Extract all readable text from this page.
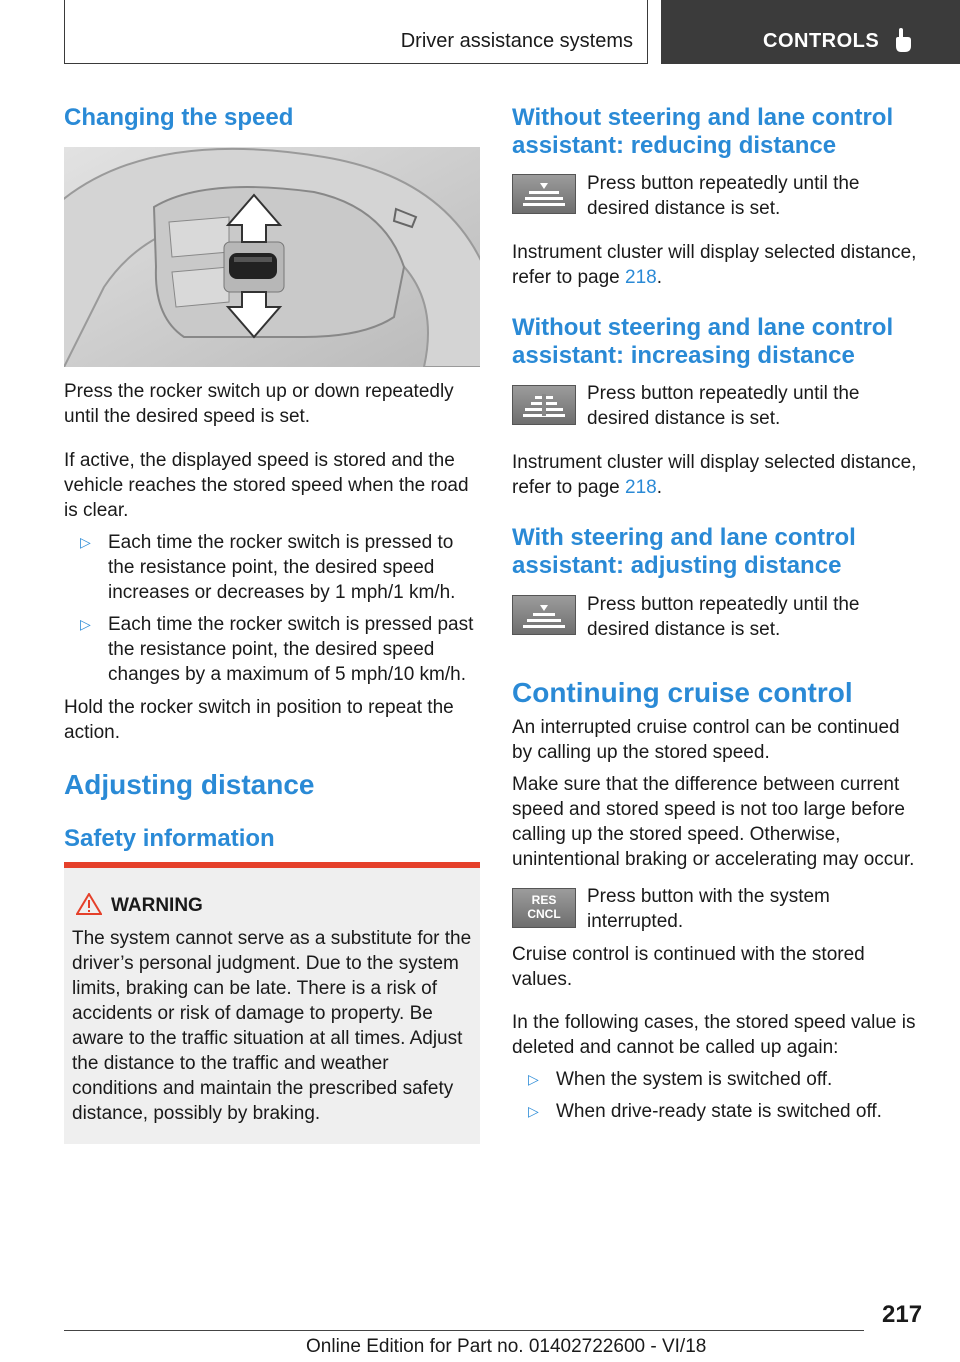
Driver assistance systems	CONTROLS
Changing the speed

Press the rocker switch up or down repeatedly until the desired speed is set.

If active, the displayed speed is stored and the vehicle reaches the stored speed when the road is clear.

▷ Each time the rocker switch is pressed to the resistance point, the desired speed increases or decreases by 1 mph/1 km/h.
▷ Each time the rocker switch is pressed past the resistance point, the desired speed changes by a maximum of 5 mph/10 km/h.

Hold the rocker switch in position to repeat the action.

Adjusting distance
Safety information
WARNING

The system cannot serve as a substitute for the driver’s personal judgment. Due to the system limits, braking can be late. There is a risk of accidents or risk of damage to property. Be aware to the traffic situation at all times. Adjust the distance to the traffic and weather conditions and maintain the prescribed safety distance, possibly by braking.

Without steering and lane control assistant: reducing distance

Press button repeatedly until the desired distance is set.

Instrument cluster will display selected distance, refer to page 218.

Without steering and lane control assistant: increasing distance

Press button repeatedly until the desired distance is set.

Instrument cluster will display selected distance, refer to page 218.

With steering and lane control assistant: adjusting distance

Press button repeatedly until the desired distance is set.

Continuing cruise control

An interrupted cruise control can be continued by calling up the stored speed.

Make sure that the difference between current speed and stored speed is not too large before calling up the stored speed. Otherwise, unintentional braking or accelerating may occur.

RES
CNCL

Press button with the system interrupted.

Cruise control is continued with the stored values.

In the following cases, the stored speed value is deleted and cannot be called up again:

▷ When the system is switched off.
▷ When drive-ready state is switched off.
217
Online Edition for Part no. 01402722600 - VI/18
